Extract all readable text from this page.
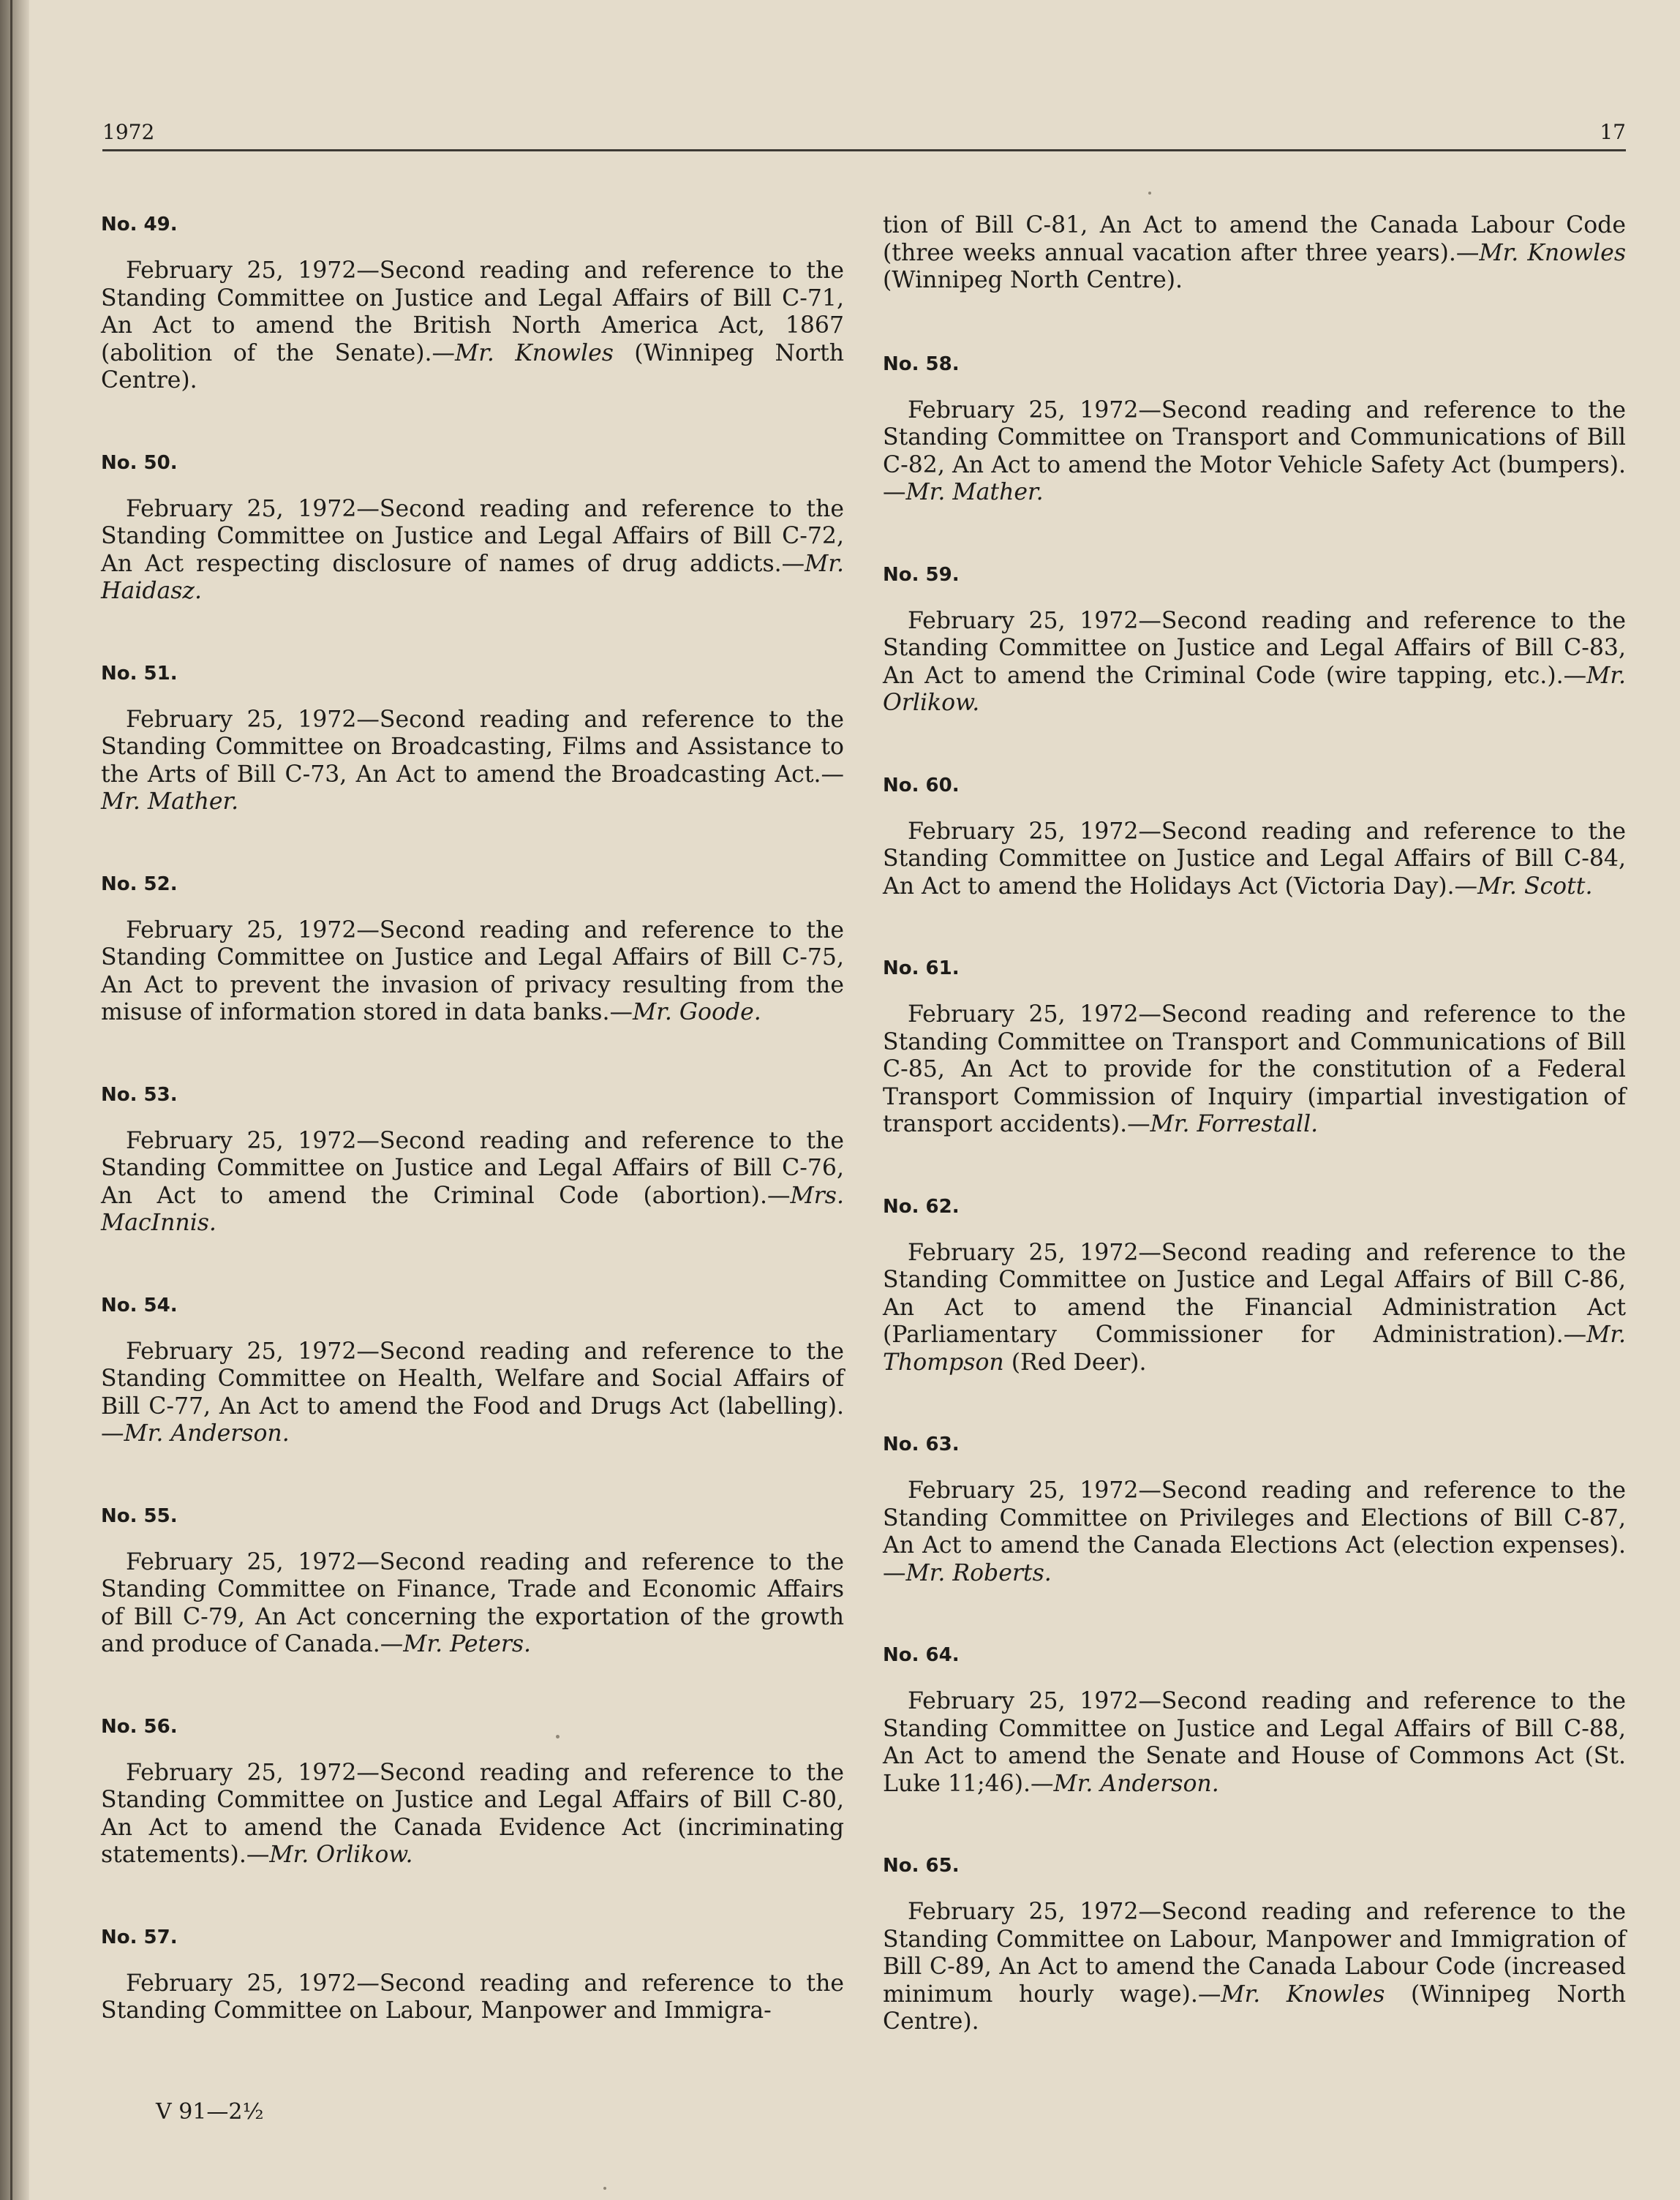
1972	17
No. 49.

February 25, 1972—Second reading and reference to the Standing Committee on Justice and Legal Affairs of Bill C-71, An Act to amend the British North America Act, 1867 (abolition of the Senate).—Mr. Knowles (Winnipeg North Centre).

No. 50.

February 25, 1972—Second reading and reference to the Standing Committee on Justice and Legal Affairs of Bill C-72, An Act respecting disclosure of names of drug addicts.—Mr. Haidasz.

No. 51.

February 25, 1972—Second reading and reference to the Standing Committee on Broadcasting, Films and Assistance to the Arts of Bill C-73, An Act to amend the Broadcasting Act.—Mr. Mather.

No. 52.

February 25, 1972—Second reading and reference to the Standing Committee on Justice and Legal Affairs of Bill C-75, An Act to prevent the invasion of privacy resulting from the misuse of information stored in data banks.—Mr. Goode.

No. 53.

February 25, 1972—Second reading and reference to the Standing Committee on Justice and Legal Affairs of Bill C-76, An Act to amend the Criminal Code (abortion).—Mrs. MacInnis.

No. 54.

February 25, 1972—Second reading and reference to the Standing Committee on Health, Welfare and Social Affairs of Bill C-77, An Act to amend the Food and Drugs Act (labelling).—Mr. Anderson.

No. 55.

February 25, 1972—Second reading and reference to the Standing Committee on Finance, Trade and Economic Affairs of Bill C-79, An Act concerning the exportation of the growth and produce of Canada.—Mr. Peters.

No. 56.

February 25, 1972—Second reading and reference to the Standing Committee on Justice and Legal Affairs of Bill C-80, An Act to amend the Canada Evidence Act (incriminating statements).—Mr. Orlikow.

No. 57.

February 25, 1972—Second reading and reference to the Standing Committee on Labour, Manpower and Immigra-

tion of Bill C-81, An Act to amend the Canada Labour Code (three weeks annual vacation after three years).—Mr. Knowles (Winnipeg North Centre).

No. 58.

February 25, 1972—Second reading and reference to the Standing Committee on Transport and Communications of Bill C-82, An Act to amend the Motor Vehicle Safety Act (bumpers).—Mr. Mather.

No. 59.

February 25, 1972—Second reading and reference to the Standing Committee on Justice and Legal Affairs of Bill C-83, An Act to amend the Criminal Code (wire tapping, etc.).—Mr. Orlikow.

No. 60.

February 25, 1972—Second reading and reference to the Standing Committee on Justice and Legal Affairs of Bill C-84, An Act to amend the Holidays Act (Victoria Day).—Mr. Scott.

No. 61.

February 25, 1972—Second reading and reference to the Standing Committee on Transport and Communications of Bill C-85, An Act to provide for the constitution of a Federal Transport Commission of Inquiry (impartial investigation of transport accidents).—Mr. Forrestall.

No. 62.

February 25, 1972—Second reading and reference to the Standing Committee on Justice and Legal Affairs of Bill C-86, An Act to amend the Financial Administration Act (Parliamentary Commissioner for Administration).—Mr. Thompson (Red Deer).

No. 63.

February 25, 1972—Second reading and reference to the Standing Committee on Privileges and Elections of Bill C-87, An Act to amend the Canada Elections Act (election expenses).—Mr. Roberts.

No. 64.

February 25, 1972—Second reading and reference to the Standing Committee on Justice and Legal Affairs of Bill C-88, An Act to amend the Senate and House of Commons Act (St. Luke 11;46).—Mr. Anderson.

No. 65.

February 25, 1972—Second reading and reference to the Standing Committee on Labour, Manpower and Immigration of Bill C-89, An Act to amend the Canada Labour Code (increased minimum hourly wage).—Mr. Knowles (Winnipeg North Centre).

V 91—2½
